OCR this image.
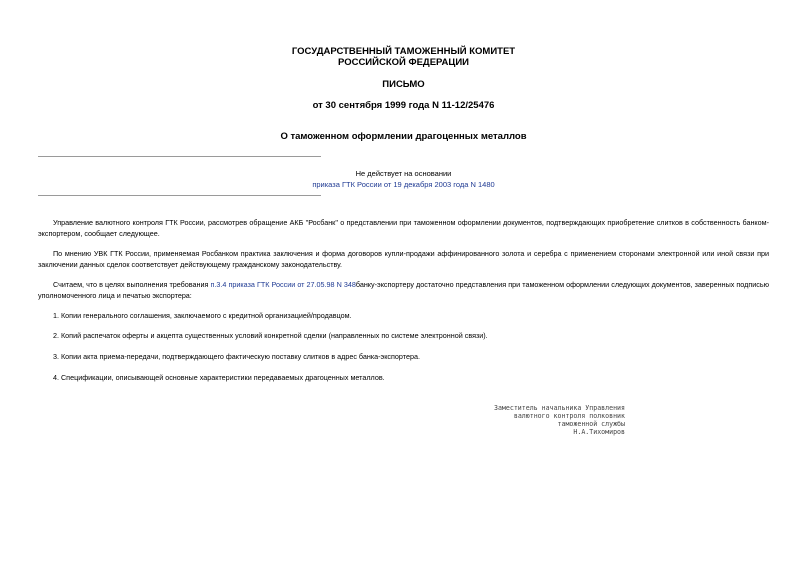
ГОСУДАРСТВЕННЫЙ ТАМОЖЕННЫЙ КОМИТЕТ
РОССИЙСКОЙ ФЕДЕРАЦИИ
ПИСЬМО
от 30 сентября 1999 года N 11-12/25476
О таможенном оформлении драгоценных металлов
Не действует на основании
приказа ГТК России от 19 декабря 2003 года N 1480
Управление валютного контроля ГТК России, рассмотрев обращение АКБ "Росбанк" о представлении при таможенном оформлении документов, подтверждающих приобретение слитков в собственность банком-экспортером, сообщает следующее.
По мнению УВК ГТК России, применяемая Росбанком практика заключения и форма договоров купли-продажи аффинированного золота и серебра с применением сторонами электронной или иной связи при заключении данных сделок соответствует действующему гражданскому законодательству.
Считаем, что в целях выполнения требования п.3.4 приказа ГТК России от 27.05.98 N 348банку-экспортеру достаточно представления при таможенном оформлении следующих документов, заверенных подписью уполномоченного лица и печатью экспортера:
1. Копии генерального соглашения, заключаемого с кредитной организацией/продавцом.
2. Копий распечаток оферты и акцепта существенных условий конкретной сделки (направленных по системе электронной связи).
3. Копии акта приема-передачи, подтверждающего фактическую поставку слитков в адрес банка-экспортера.
4. Спецификации, описывающей основные характеристики передаваемых драгоценных металлов.
Заместитель начальника Управления
валютного контроля полковник
таможенной службы
Н.А.Тихомиров
